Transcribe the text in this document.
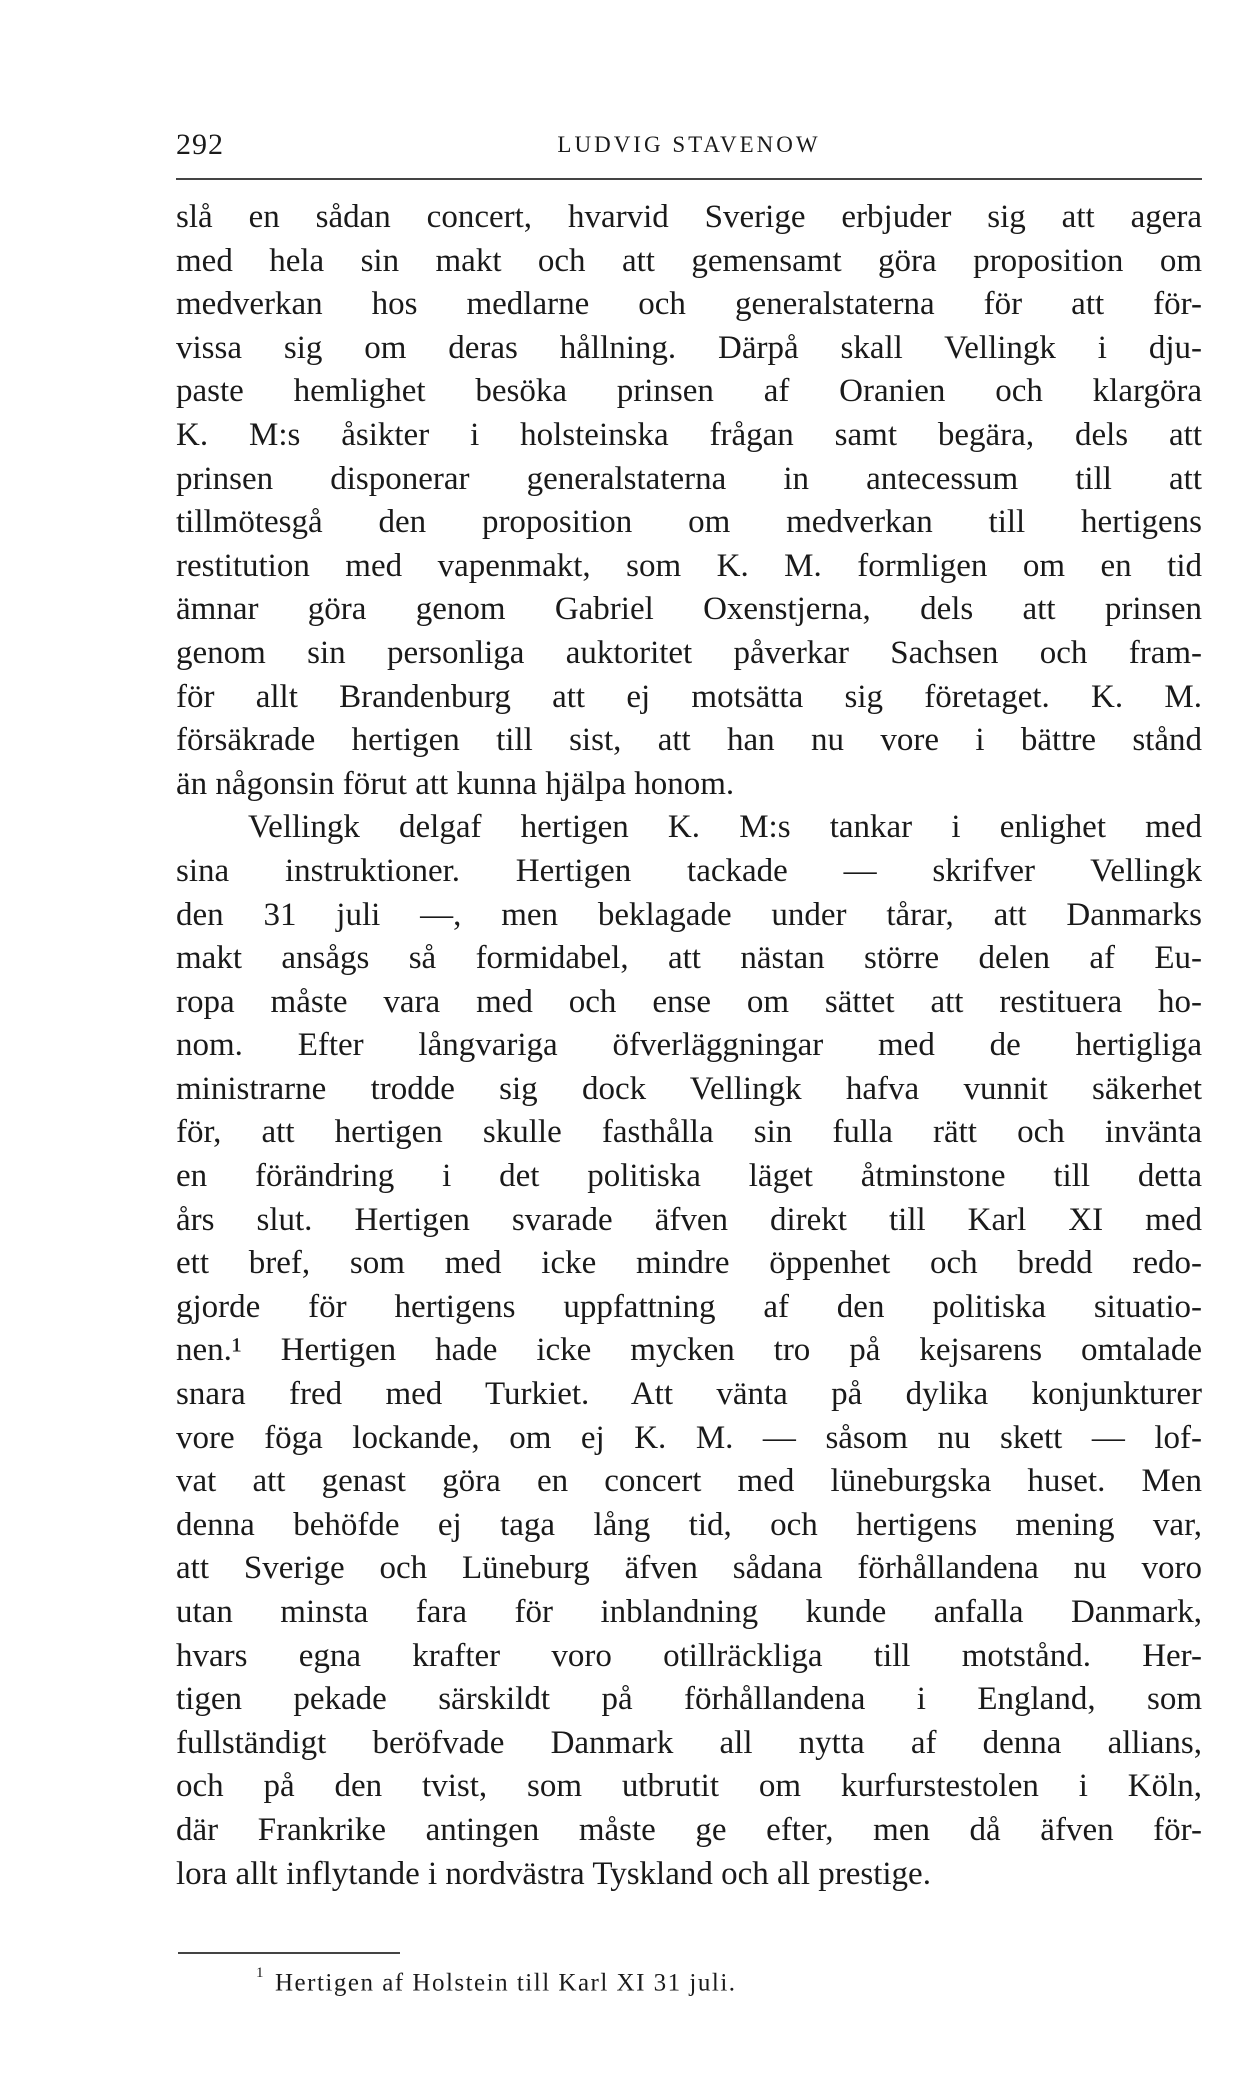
292	LUDVIG STAVENOW
slå en sådan concert, hvarvid Sverige erbjuder sig att agera
med hela sin makt och att gemensamt göra proposition om
medverkan hos medlarne och generalstaterna för att för-
vissa sig om deras hållning. Därpå skall Vellingk i dju-
paste hemlighet besöka prinsen af Oranien och klargöra
K. M:s åsikter i holsteinska frågan samt begära, dels att
prinsen disponerar generalstaterna in antecessum till att
tillmötesgå den proposition om medverkan till hertigens
restitution med vapenmakt, som K. M. formligen om en tid
ämnar göra genom Gabriel Oxenstjerna, dels att prinsen
genom sin personliga auktoritet påverkar Sachsen och fram-
för allt Brandenburg att ej motsätta sig företaget. K. M.
försäkrade hertigen till sist, att han nu vore i bättre stånd
än någonsin förut att kunna hjälpa honom.
Vellingk delgaf hertigen K. M:s tankar i enlighet med
sina instruktioner. Hertigen tackade — skrifver Vellingk
den 31 juli —, men beklagade under tårar, att Danmarks
makt ansågs så formidabel, att nästan större delen af Eu-
ropa måste vara med och ense om sättet att restituera ho-
nom. Efter långvariga öfverläggningar med de hertigliga
ministrarne trodde sig dock Vellingk hafva vunnit säkerhet
för, att hertigen skulle fasthålla sin fulla rätt och invänta
en förändring i det politiska läget åtminstone till detta
års slut. Hertigen svarade äfven direkt till Karl XI med
ett bref, som med icke mindre öppenhet och bredd redo-
gjorde för hertigens uppfattning af den politiska situatio-
nen.¹ Hertigen hade icke mycken tro på kejsarens omtalade
snara fred med Turkiet. Att vänta på dylika konjunkturer
vore föga lockande, om ej K. M. — såsom nu skett — lof-
vat att genast göra en concert med lüneburgska huset. Men
denna behöfde ej taga lång tid, och hertigens mening var,
att Sverige och Lüneburg äfven sådana förhållandena nu voro
utan minsta fara för inblandning kunde anfalla Danmark,
hvars egna krafter voro otillräckliga till motstånd. Her-
tigen pekade särskildt på förhållandena i England, som
fullständigt beröfvade Danmark all nytta af denna allians,
och på den tvist, som utbrutit om kurfurstestolen i Köln,
där Frankrike antingen måste ge efter, men då äfven för-
lora allt inflytande i nordvästra Tyskland och all prestige.
$^1$ Hertigen af Holstein till Karl XI 31 juli.
